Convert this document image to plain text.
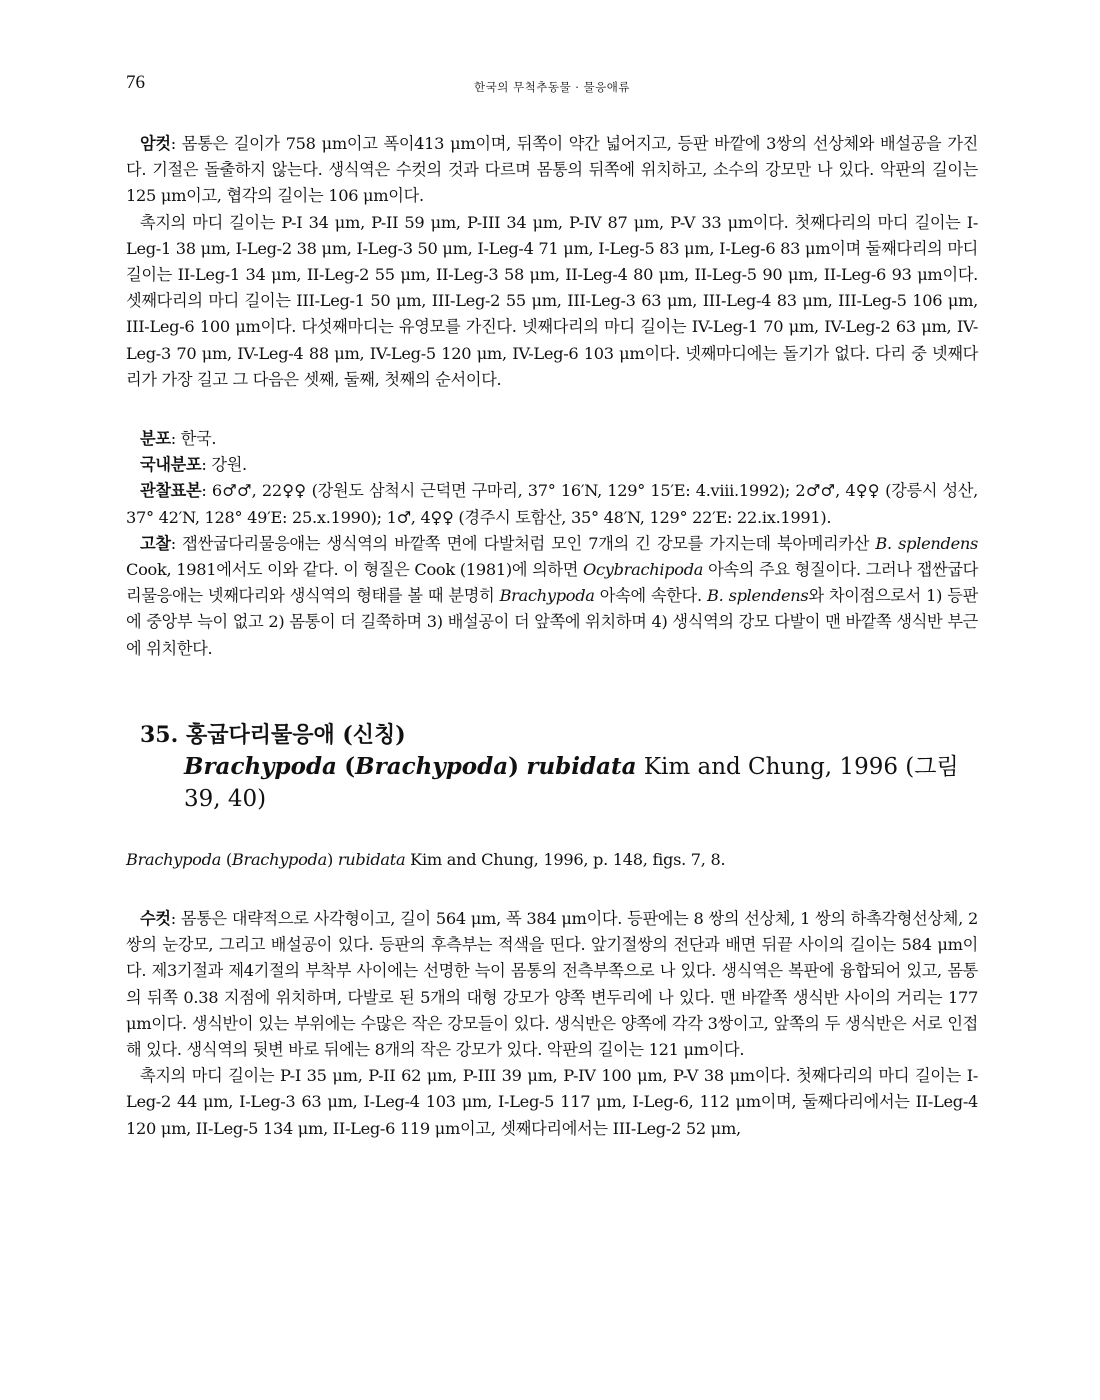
76	한국의 무척추동물 · 물응애류

암컷: 몸통은 길이가 758 μm이고 폭이413 μm이며, 뒤쪽이 약간 넓어지고, 등판 바깥에 3쌍의 선상체와 배설공을 가진다. 기절은 돌출하지 않는다. 생식역은 수컷의 것과 다르며 몸통의 뒤쪽에 위치하고, 소수의 강모만 나 있다. 악판의 길이는 125 μm이고, 협각의 길이는 106 μm이다.

촉지의 마디 길이는 P-I 34 μm, P-II 59 μm, P-III 34 μm, P-IV 87 μm, P-V 33 μm이다. 첫째다리의 마디 길이는 I-Leg-1 38 μm, I-Leg-2 38 μm, I-Leg-3 50 μm, I-Leg-4 71 μm, I-Leg-5 83 μm, I-Leg-6 83 μm이며 둘째다리의 마디 길이는 II-Leg-1 34 μm, II-Leg-2 55 μm, II-Leg-3 58 μm, II-Leg-4 80 μm, II-Leg-5 90 μm, II-Leg-6 93 μm이다. 셋째다리의 마디 길이는 III-Leg-1 50 μm, III-Leg-2 55 μm, III-Leg-3 63 μm, III-Leg-4 83 μm, III-Leg-5 106 μm, III-Leg-6 100 μm이다. 다섯째마디는 유영모를 가진다. 넷째다리의 마디 길이는 IV-Leg-1 70 μm, IV-Leg-2 63 μm, IV-Leg-3 70 μm, IV-Leg-4 88 μm, IV-Leg-5 120 μm, IV-Leg-6 103 μm이다. 넷째마디에는 돌기가 없다. 다리 중 넷째다리가 가장 길고 그 다음은 셋째, 둘째, 첫째의 순서이다.

분포: 한국.

국내분포: 강원.

관찰표본: 6♂♂, 22♀♀ (강원도 삼척시 근덕면 구마리, 37° 16′N, 129° 15′E: 4.viii.1992); 2♂♂, 4♀♀ (강릉시 성산, 37° 42′N, 128° 49′E: 25.x.1990); 1♂, 4♀♀ (경주시 토함산, 35° 48′N, 129° 22′E: 22.ix.1991).

고찰: 잽싼굽다리물응애는 생식역의 바깥쪽 면에 다발처럼 모인 7개의 긴 강모를 가지는데 북아메리카산 B. splendens Cook, 1981에서도 이와 같다. 이 형질은 Cook (1981)에 의하면 Ocybrachipoda 아속의 주요 형질이다. 그러나 잽싼굽다리물응애는 넷째다리와 생식역의 형태를 볼 때 분명히 Brachypoda 아속에 속한다. B. splendens와 차이점으로서 1) 등판에 중앙부 늑이 없고 2) 몸통이 더 길쭉하며 3) 배설공이 더 앞쪽에 위치하며 4) 생식역의 강모 다발이 맨 바깥쪽 생식반 부근에 위치한다.

35. 홍굽다리물응애 (신칭)
Brachypoda (Brachypoda) rubidata Kim and Chung, 1996 (그림 39, 40)

Brachypoda (Brachypoda) rubidata Kim and Chung, 1996, p. 148, figs. 7, 8.

수컷: 몸통은 대략적으로 사각형이고, 길이 564 μm, 폭 384 μm이다. 등판에는 8 쌍의 선상체, 1 쌍의 하촉각형선상체, 2 쌍의 눈강모, 그리고 배설공이 있다. 등판의 후측부는 적색을 띤다. 앞기절쌍의 전단과 배면 뒤끝 사이의 길이는 584 μm이다. 제3기절과 제4기절의 부착부 사이에는 선명한 늑이 몸통의 전측부쪽으로 나 있다. 생식역은 복판에 융합되어 있고, 몸통의 뒤쪽 0.38 지점에 위치하며, 다발로 된 5개의 대형 강모가 양쪽 변두리에 나 있다. 맨 바깥쪽 생식반 사이의 거리는 177 μm이다. 생식반이 있는 부위에는 수많은 작은 강모들이 있다. 생식반은 양쪽에 각각 3쌍이고, 앞쪽의 두 생식반은 서로 인접해 있다. 생식역의 뒷변 바로 뒤에는 8개의 작은 강모가 있다. 악판의 길이는 121 μm이다.

촉지의 마디 길이는 P-I 35 μm, P-II 62 μm, P-III 39 μm, P-IV 100 μm, P-V 38 μm이다. 첫째다리의 마디 길이는 I-Leg-2 44 μm, I-Leg-3 63 μm, I-Leg-4 103 μm, I-Leg-5 117 μm, I-Leg-6, 112 μm이며, 둘째다리에서는 II-Leg-4 120 μm, II-Leg-5 134 μm, II-Leg-6 119 μm이고, 셋째다리에서는 III-Leg-2 52 μm,
